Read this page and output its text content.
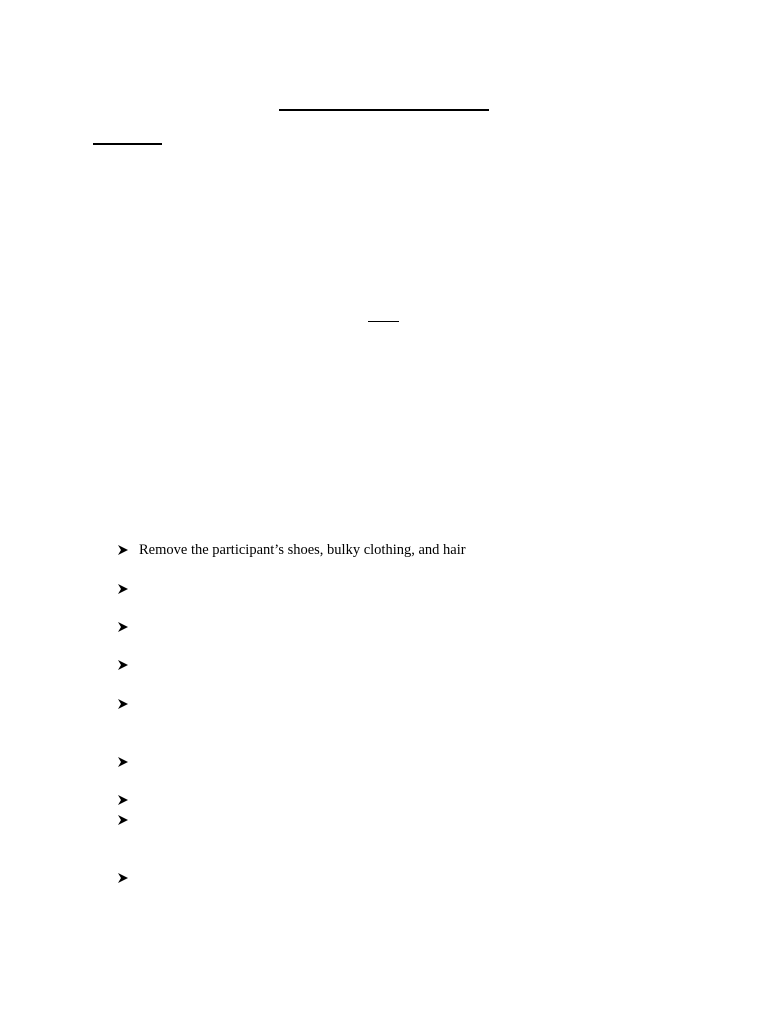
Remove the participant’s shoes, bulky clothing, and hair
